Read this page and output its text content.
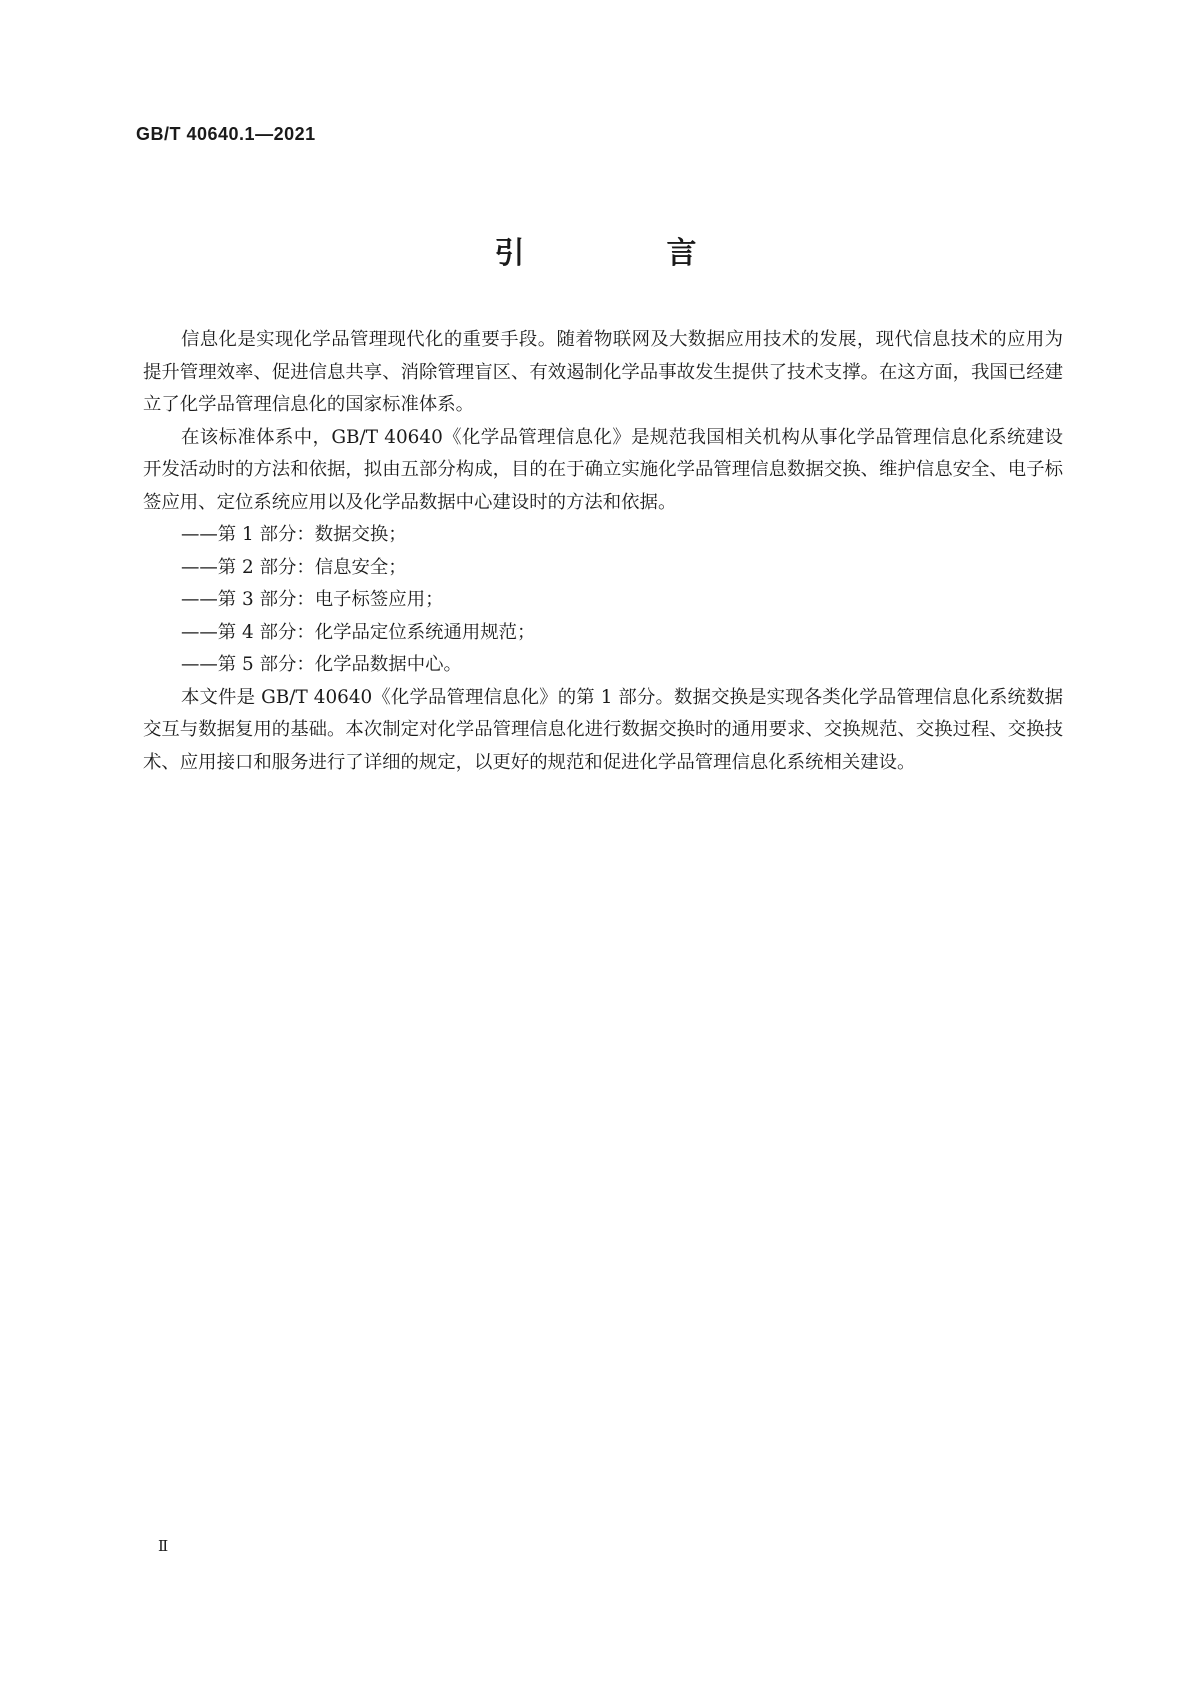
GB/T 40640.1—2021
引　言

信息化是实现化学品管理现代化的重要手段。随着物联网及大数据应用技术的发展，现代信息技术的应用为提升管理效率、促进信息共享、消除管理盲区、有效遏制化学品事故发生提供了技术支撑。在这方面，我国已经建立了化学品管理信息化的国家标准体系。

在该标准体系中，GB/T 40640《化学品管理信息化》是规范我国相关机构从事化学品管理信息化系统建设开发活动时的方法和依据，拟由五部分构成，目的在于确立实施化学品管理信息数据交换、维护信息安全、电子标签应用、定位系统应用以及化学品数据中心建设时的方法和依据。

——第 1 部分：数据交换；
——第 2 部分：信息安全；
——第 3 部分：电子标签应用；
——第 4 部分：化学品定位系统通用规范；
——第 5 部分：化学品数据中心。

本文件是 GB/T 40640《化学品管理信息化》的第 1 部分。数据交换是实现各类化学品管理信息化系统数据交互与数据复用的基础。本次制定对化学品管理信息化进行数据交换时的通用要求、交换规范、交换过程、交换技术、应用接口和服务进行了详细的规定，以更好的规范和促进化学品管理信息化系统相关建设。

Ⅱ
